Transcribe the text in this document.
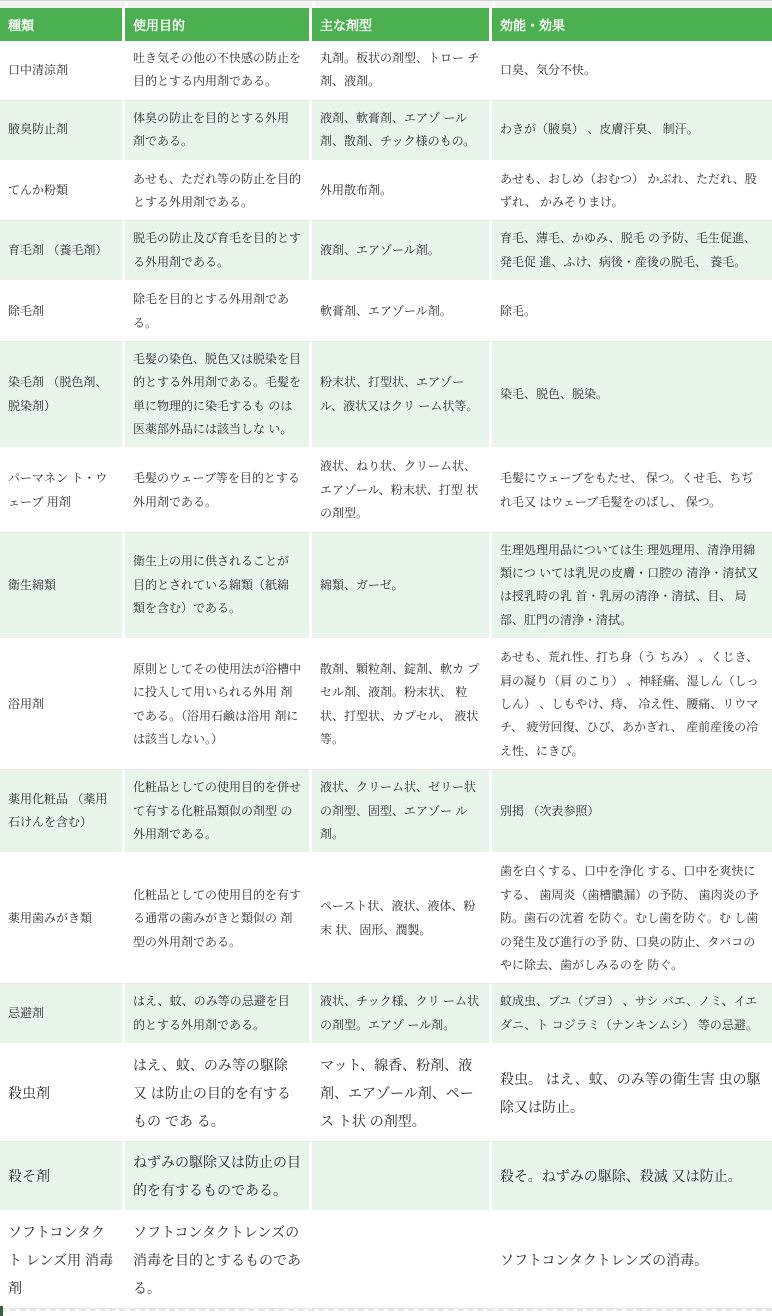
種類	使用目的	主な剤型	効能・効果
口中清涼剤	吐き気その他の不快感の防止を目的とする内用剤である。	丸剤。板状の剤型、トロー チ剤、液剤。	口臭、気分不快。
腋臭防止剤	体臭の防止を目的とする外用 剤である。	液剤、軟膏剤、エアゾ ール 剤、散剤、チック様のもの。	わきが（腋臭） 、皮膚汗臭、 制汗。
てんか粉類	あせも、ただれ等の防止を目的とする外用剤である。	外用散布剤。	あせも、おしめ（おむつ） かぶれ、ただれ、股ずれ、 かみそりまけ。
育毛剤 （養毛剤）	脱毛の防止及び育毛を目的とする外用剤である。	液剤、エアゾール剤。	育毛、薄毛、かゆみ、脱毛 の予防、毛生促進、発毛促 進、ふけ、病後・産後の脱毛、 養毛。
除毛剤	除毛を目的とする外用剤であ る。	軟膏剤、エアゾール剤。	除毛。
染毛剤 （脱色剤、 脱染剤）	毛髪の染色、脱色又は脱染を目的とする外用剤である。毛髪を単に物理的に染毛するも のは医薬部外品には該当しな い。	粉末状、打型状、エアゾー ル、液状又はクリ ーム状等。	染毛、脱色、脱染。
パーマネン ト・ウェーブ 用剤	毛髪のウェーブ等を目的とする外用剤である。	液状、ねり状、クリーム状、 エアゾール、粉末状、打型 状の剤型。	毛髪にウェーブをもたせ、 保つ。くせ毛、ちぢれ毛又 はウェーブ毛髪をのばし、 保つ。
衛生綿類	衛生上の用に供されることが 目的とされている綿類（紙綿 類を含む）である。	綿類、ガーゼ。	生理処理用品については生 理処理用、清浄用綿類につ いては乳児の皮膚・口腔の 清浄・清拭又は授乳時の乳 首・乳房の清浄・清拭、目、 局部、肛門の清浄・清拭。
浴用剤	原則としてその使用法が浴槽中に投入して用いられる外用 剤である。（浴用石鹸は浴用 剤には該当しない。）	散剤、顆粒剤、錠剤、軟カ プセル剤、液剤。粉末状、 粒状、打型状、カプセル、 液状等。	あせも、荒れ性、打ち身（う ちみ） 、くじき、肩の凝り（肩 のこり） 、神経痛、湿しん（しっ しん） 、しもやけ、痔、 冷え性、腰痛、リウマチ、 疲労回復、ひび、あかぎれ、 産前産後の冷え性、にきび。
薬用化粧品 （薬用石けんを含む）	化粧品としての使用目的を併せて有する化粧品類似の剤型 の外用剤である。	液状、クリーム状、ゼリー状の剤型、固型、エアゾー ル剤。	別掲 （次表参照）
薬用歯みがき類	化粧品としての使用目的を有する通常の歯みがきと類似の 剤型の外用剤である。	ペースト状、液状、液体、粉末 状、固形、潤製。	歯を白くする、口中を浄化 する、口中を爽快にする、 歯周炎（歯槽膿漏）の予防、 歯肉炎の予防。歯石の沈着 を防ぐ。むし歯を防ぐ。む し歯の発生及び進行の予 防、口臭の防止、タバコの やに除去、歯がしみるのを 防ぐ。
忌避剤	はえ、蚊、のみ等の忌避を目的とする外用剤である。	液状、チック様、クリ ーム状の剤型。エアゾ ール剤。	蚊成虫、ブユ（ブヨ） 、サシ バエ、ノミ、イエ ダニ、ト コジラミ（ナンキンムシ） 等の忌避。
殺虫剤	はえ、蚊、のみ等の駆除又 は防止の目的を有するもの であ る。	マット、線香、粉剤、液 剤、エアゾール剤、ペース ト状 の剤型。	殺虫。 はえ、蚊、のみ等の衛生害 虫の駆除又は防止。
殺そ剤	ねずみの駆除又は防止の目 的を有するものである。		殺そ。ねずみの駆除、殺滅 又は防止。
ソフトコンタクト レンズ用 消毒剤	ソフトコンタクトレンズの 消毒を目的とするものであ る。		ソフトコンタクトレンズの消毒。
